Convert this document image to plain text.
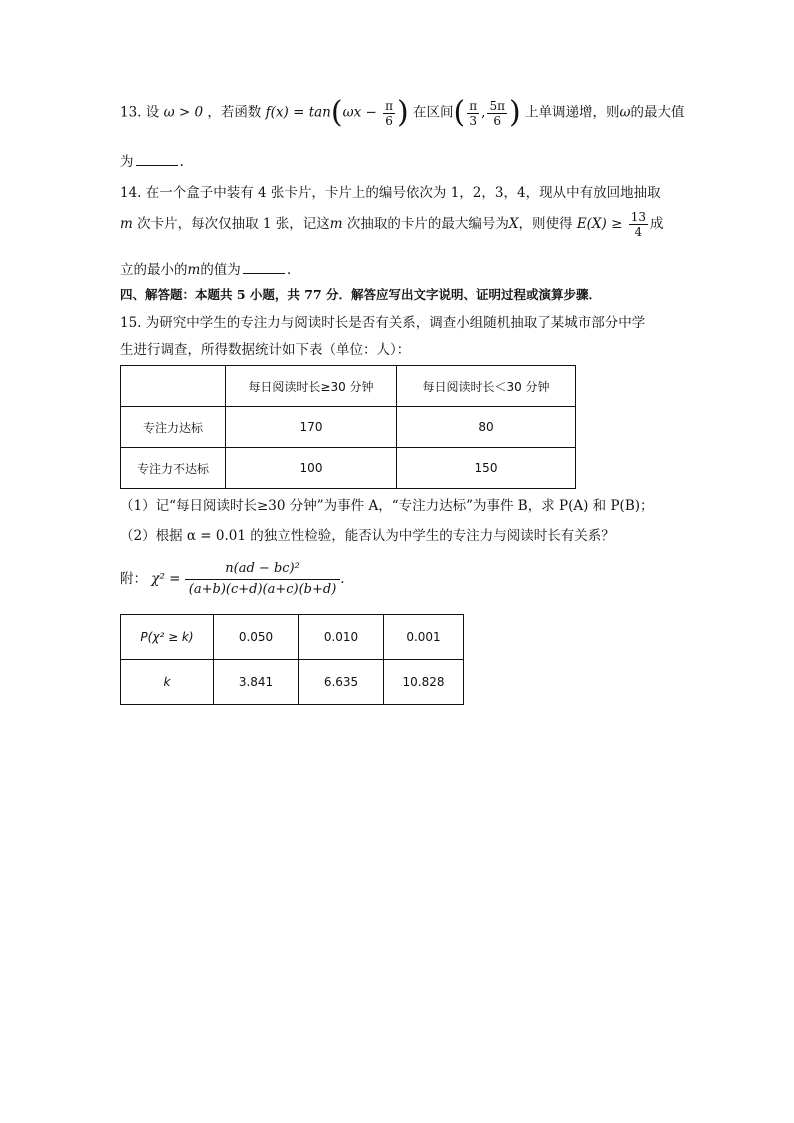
13. 设 ω > 0 ，若函数 $f(x) = \tan(\omega x - \frac{\pi}{6}$ ) 在区间( $\frac{\pi}{3}$ , $\frac{5\pi}{6}$ ) 上单调递增，则ω的最大值
为	.
14. 在一个盒子中装有 4 张卡片，卡片上的编号依次为 1，2，3，4，现从中有放回地抽取
m 次卡片，每次仅抽取 1 张，记这m 次抽取的卡片的最大编号为X，则使得 $E(X) \ge \frac{13}{4}$ 成
立的最小的m的值为	.
四、解答题：本题共 5 小题，共 77 分．解答应写出文字说明、证明过程或演算步骤．
15. 为研究中学生的专注力与阅读时长是否有关系，调查小组随机抽取了某城市部分中学
生进行调查，所得数据统计如下表（单位：人）：
	每日阅读时长≥30 分钟	每日阅读时长＜30 分钟
专注力达标	170	80
专注力不达标	100	150
（1）记“每日阅读时长≥30 分钟”为事件 A，“专注力达标”为事件 B，求 P(A) 和 P(B)；
（2）根据 α = 0.01 的独立性检验，能否认为中学生的专注力与阅读时长有关系？
附： $\chi^2 = \frac{\text{n(ad − bc)²}}{(a+b)(c+d)(a+c)(b+d)}$ .
P(χ² ≥ k)	0.050	0.010	0.001
k	3.841	6.635	10.828
